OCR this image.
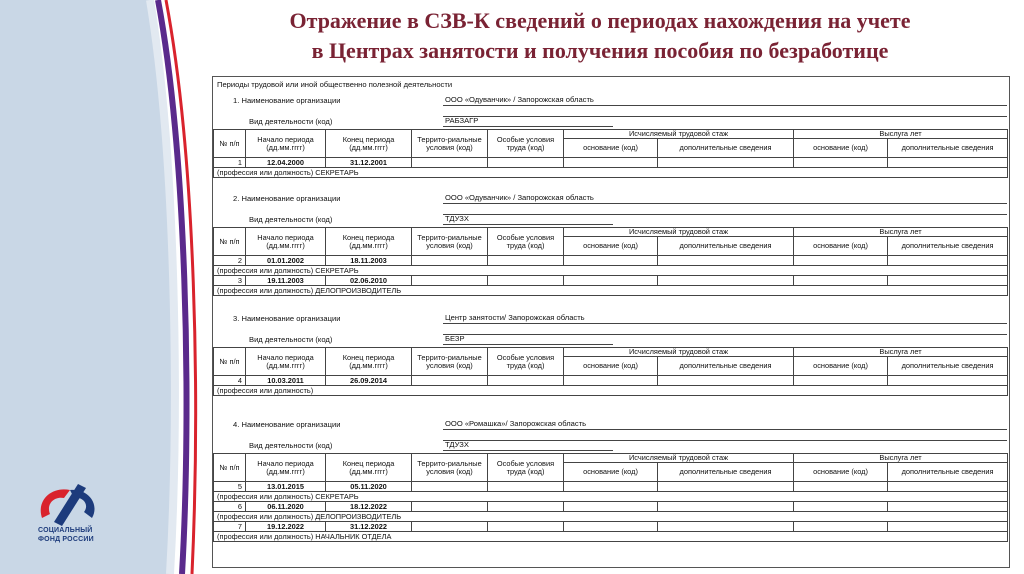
СОЦИАЛЬНЫЙ
ФОНД РОССИИ
Отражение в СЗВ-К сведений о периодах нахождения на учете
в Центрах занятости и получения пособия по безработице
Периоды трудовой или иной общественно полезной деятельности
1. Наименование организации	ООО «Одуванчик» / Запорожская область
Вид деятельности (код)	РАБЗАГР
№ п/п	Начало периода (дд.мм.гггг)	Конец периода (дд.мм.гггг)	Террито-риальные условия (код)	Особые условия труда (код)	Исчисляемый трудовой стаж		Выслуга лет	
					основание (код)	дополнительные сведения	основание (код)	дополнительные сведения
1	12.04.2000	31.12.2001						
(профессия или должность) СЕКРЕТАРЬ								
2. Наименование организации	ООО «Одуванчик» / Запорожская область
Вид деятельности (код)	ТДУЗХ
№ п/п	Начало периода (дд.мм.гггг)	Конец периода (дд.мм.гггг)	Террито-риальные условия (код)	Особые условия труда (код)	Исчисляемый трудовой стаж		Выслуга лет	
					основание (код)	дополнительные сведения	основание (код)	дополнительные сведения
2	01.01.2002	18.11.2003						
(профессия или должность) СЕКРЕТАРЬ								
3	19.11.2003	02.06.2010						
(профессия или должность) ДЕЛОПРОИЗВОДИТЕЛЬ								
3. Наименование организации	Центр занятости/ Запорожская область
Вид деятельности (код)	БЕЗР
№ п/п	Начало периода (дд.мм.гггг)	Конец периода (дд.мм.гггг)	Террито-риальные условия (код)	Особые условия труда (код)	Исчисляемый трудовой стаж		Выслуга лет	
					основание (код)	дополнительные сведения	основание (код)	дополнительные сведения
4	10.03.2011	26.09.2014						
(профессия или должность)								
4. Наименование организации	ООО «Ромашка»/ Запорожская область
Вид деятельности (код)	ТДУЗХ
№ п/п	Начало периода (дд.мм.гггг)	Конец периода (дд.мм.гггг)	Террито-риальные условия (код)	Особые условия труда (код)	Исчисляемый трудовой стаж		Выслуга лет	
					основание (код)	дополнительные сведения	основание (код)	дополнительные сведения
5	13.01.2015	05.11.2020						
(профессия или должность) СЕКРЕТАРЬ								
6	06.11.2020	18.12.2022						
(профессия или должность) ДЕЛОПРОИЗВОДИТЕЛЬ								
7	19.12.2022	31.12.2022						
(профессия или должность) НАЧАЛЬНИК ОТДЕЛА								
